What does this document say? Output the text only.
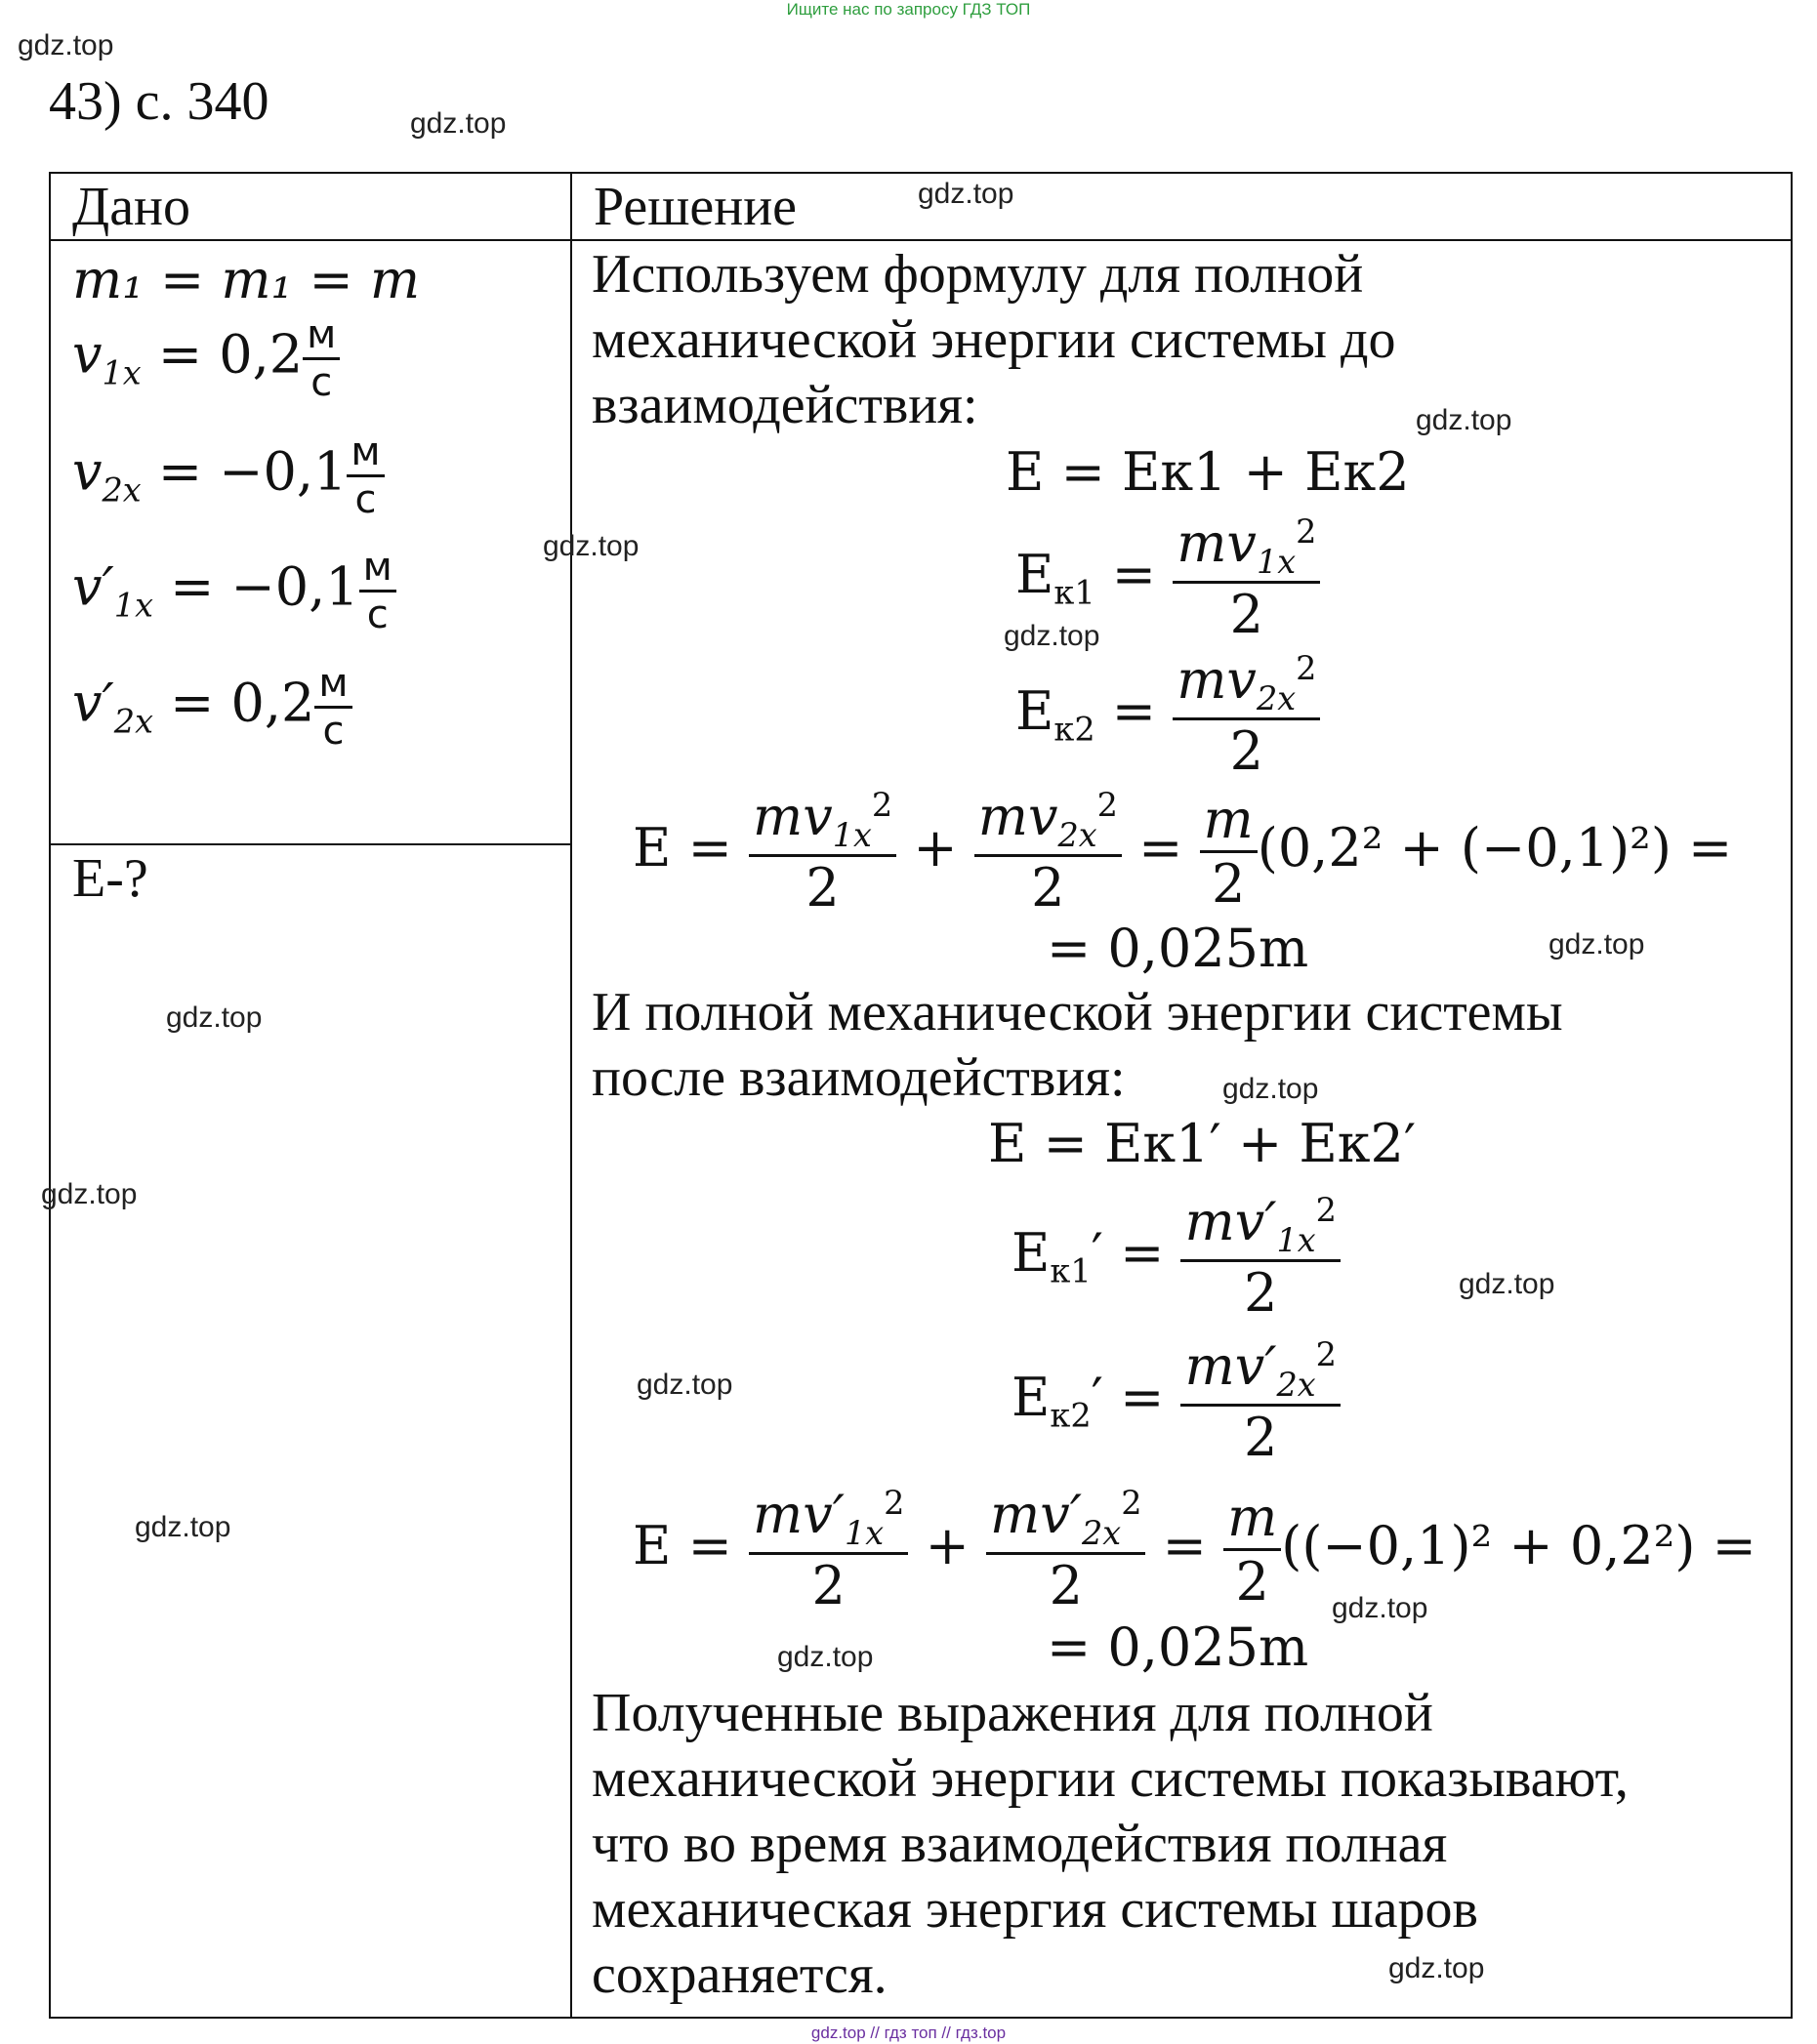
Ищите нас по запросу ГДЗ ТОП
43) с. 340
Дано	Решение
m₁ = m₁ = m
$v_{1x} = 0,2 \frac{м}{с}$
$v_{2x} = -0,1 \frac{м}{с}$
$v'_{1x} = -0,1 \frac{м}{с}$
$v'_{2x} = 0,2 \frac{м}{с}$
E-?
Используем формулу для полной
механической энергии системы до
взаимодействия:
E = Eк1 + Eк2
$E_{к1} = \frac{mv_{1x}^2}{2}$
$E_{к2} = \frac{mv_{2x}^2}{2}$
$E = \frac{mv_{1x}^2}{2} + \frac{mv_{2x}^2}{2} = \frac{m}{2} (0,2^2 + (-0,1)^2)$ =
= 0,025m
И полной механической энергии системы
после взаимодействия:
E = Eк1′ + Eк2′
$E_{к1}' = \frac{mv'_{1x}^2}{2}$
$E_{к2}' = \frac{mv'_{2x}^2}{2}$
$E = \frac{mv'_{1x}^2}{2} + \frac{mv'_{2x}^2}{2} = \frac{m}{2} ((-0,1)^2 + 0,2^2)$ =
= 0,025m
Полученные выражения для полной
механической энергии системы показывают,
что во время взаимодействия полная
механическая энергия системы шаров
сохраняется.
gdz.top
gdz.top
gdz.top
gdz.top
gdz.top
gdz.top
gdz.top
gdz.top
gdz.top
gdz.top
gdz.top
gdz.top
gdz.top
gdz.top
gdz.top
gdz.top
gdz.top // гдз топ // гдз.top
